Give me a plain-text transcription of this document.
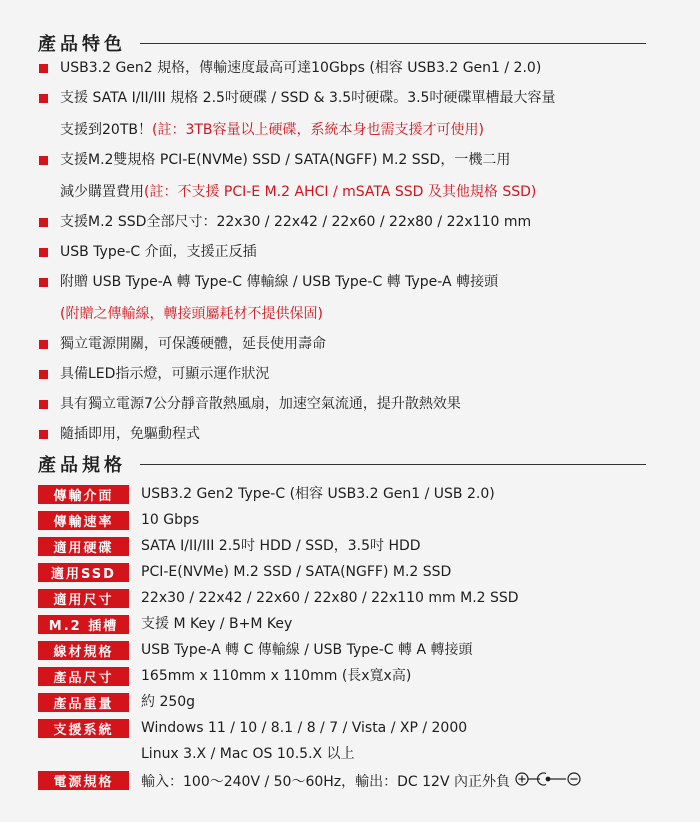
產品特色
USB3.2 Gen2 規格，傳輸速度最高可達10Gbps (相容 USB3.2 Gen1 / 2.0)
支援 SATA I/II/III 規格 2.5吋硬碟 / SSD & 3.5吋硬碟。3.5吋硬碟單槽最大容量
支援到20TB！(註：3TB容量以上硬碟，系統本身也需支援才可使用)
支援M.2雙規格 PCI-E(NVMe) SSD / SATA(NGFF) M.2 SSD，一機二用
減少購置費用(註：不支援 PCI-E M.2 AHCI / mSATA SSD 及其他規格 SSD)
支援M.2 SSD全部尺寸：22x30 / 22x42 / 22x60 / 22x80 / 22x110 mm
USB Type-C 介面，支援正反插
附贈 USB Type-A 轉 Type-C 傳輸線 / USB Type-C 轉 Type-A 轉接頭
(附贈之傳輸線，轉接頭屬耗材不提供保固)
獨立電源開關，可保護硬體，延長使用壽命
具備LED指示燈，可顯示運作狀況
具有獨立電源7公分靜音散熱風扇，加速空氣流通，提升散熱效果
隨插即用，免驅動程式
產品規格
傳輸介面	USB3.2 Gen2 Type-C (相容 USB3.2 Gen1 / USB 2.0)
傳輸速率	10 Gbps
適用硬碟	SATA I/II/III 2.5吋 HDD / SSD，3.5吋 HDD
適用SSD	PCI-E(NVMe) M.2 SSD / SATA(NGFF) M.2 SSD
適用尺寸	22x30 / 22x42 / 22x60 / 22x80 / 22x110 mm M.2 SSD
M.2 插槽	支援 M Key / B+M Key
線材規格	USB Type-A 轉 C 傳輸線 / USB Type-C 轉 A 轉接頭
產品尺寸	165mm x 110mm x 110mm (長x寬x高)
產品重量	約 250g
支援系統	Windows 11 / 10 / 8.1 / 8 / 7 / Vista / XP / 2000
Linux 3.X / Mac OS 10.5.X 以上
電源規格	輸入：100～240V / 50～60Hz，輸出：DC 12V 內正外負
